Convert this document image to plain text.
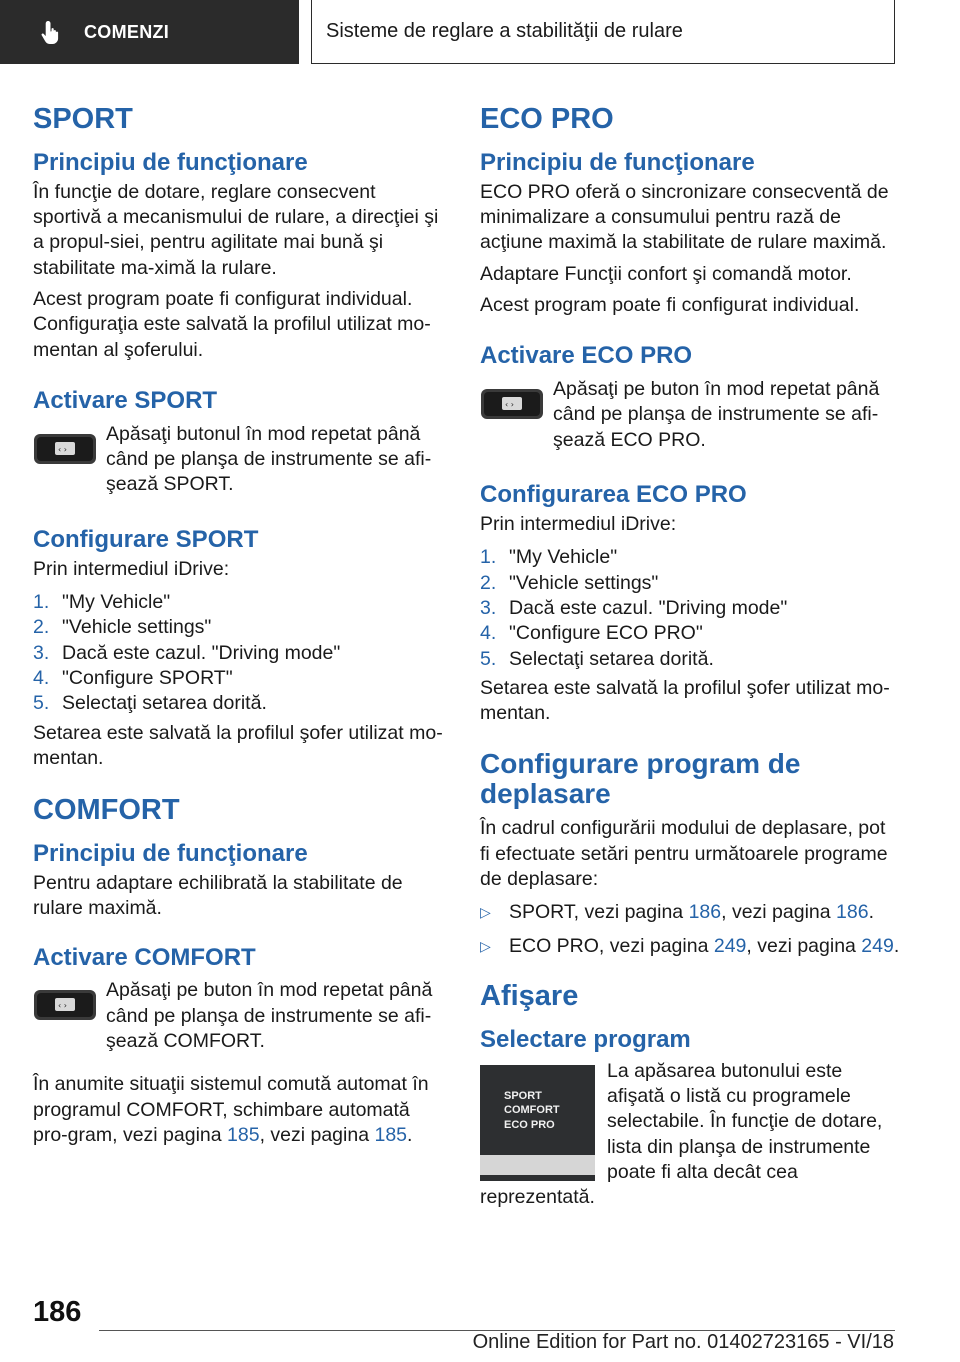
COMENZI	Sisteme de reglare a stabilităţii de rulare
SPORT
Principiu de funcţionare

În funcţie de dotare, reglare consecvent sportivă a mecanismului de rulare, a direcţiei şi a propul-siei, pentru agilitate mai bună şi stabilitate ma-ximă la rulare.

Acest program poate fi configurat individual. Configuraţia este salvată la profilul utilizat mo-mentan al şoferului.

Activare SPORT
‹ ›

Apăsaţi butonul în mod repetat până când pe planşa de instrumente se afi-şează SPORT.

Configurare SPORT

Prin intermediul iDrive:

1. "My Vehicle"
2. "Vehicle settings"
3. Dacă este cazul. "Driving mode"
4. "Configure SPORT"
5. Selectaţi setarea dorită.

Setarea este salvată la profilul şofer utilizat mo-mentan.

COMFORT
Principiu de funcţionare

Pentru adaptare echilibrată la stabilitate de rulare maximă.

Activare COMFORT
‹ ›

Apăsaţi pe buton în mod repetat până când pe planşa de instrumente se afi-şează COMFORT.

În anumite situaţii sistemul comută automat în programul COMFORT, schimbare automată pro-gram, vezi pagina 185, vezi pagina 185.

ECO PRO
Principiu de funcţionare

ECO PRO oferă o sincronizare consecventă de minimalizare a consumului pentru rază de acţiune maximă la stabilitate de rulare maximă.

Adaptare Funcţii confort şi comandă motor.

Acest program poate fi configurat individual.

Activare ECO PRO
‹ ›

Apăsaţi pe buton în mod repetat până când pe planşa de instrumente se afi-şează ECO PRO.

Configurarea ECO PRO

Prin intermediul iDrive:

1. "My Vehicle"
2. "Vehicle settings"
3. Dacă este cazul. "Driving mode"
4. "Configure ECO PRO"
5. Selectaţi setarea dorită.

Setarea este salvată la profilul şofer utilizat mo-mentan.

Configurare program de deplasare

În cadrul configurării modului de deplasare, pot fi efectuate setări pentru următoarele programe de deplasare:

▷ SPORT, vezi pagina 186, vezi pagina 186.
▷ ECO PRO, vezi pagina 249, vezi pagina 249.
Afişare
Selectare program
SPORT
COMFORT
ECO PRO

La apăsarea butonului este afişată o listă cu programele selectabile. În funcţie de dotare, lista din planşa de instrumente poate fi alta decât cea reprezentată.

186
Online Edition for Part no. 01402723165 - VI/18
